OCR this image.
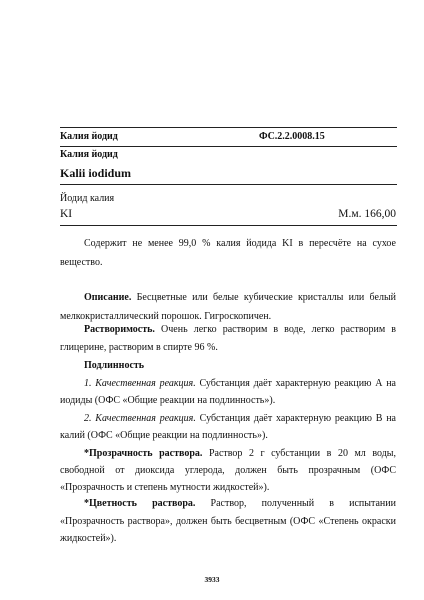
Калия йодид	ФС.2.2.0008.15
Калия йодид
Kalii iodidum
Йодид калия
KI	М.м. 166,00
Содержит не менее 99,0 % калия йодида KI в пересчёте на сухое
вещество.
Описание. Бесцветные или белые кубические кристаллы или белый
мелкокристаллический порошок. Гигроскопичен.
Растворимость. Очень легко растворим в воде, легко растворим в
глицерине, растворим в спирте 96 %.
Подлинность
1. Качественная реакция. Субстанция даёт характерную реакцию А на
иодиды (ОФС «Общие реакции на подлинность»).
2. Качественная реакция. Субстанция даёт характерную реакцию В на
калий (ОФС «Общие реакции на подлинность»).
*Прозрачность раствора. Раствор 2 г субстанции в 20 мл воды,
свободной от диоксида углерода, должен быть прозрачным (ОФС
«Прозрачность и степень мутности жидкостей»).
*Цветность раствора. Раствор, полученный в испытании
«Прозрачность раствора», должен быть бесцветным (ОФС «Степень окраски
жидкостей»).
3933
